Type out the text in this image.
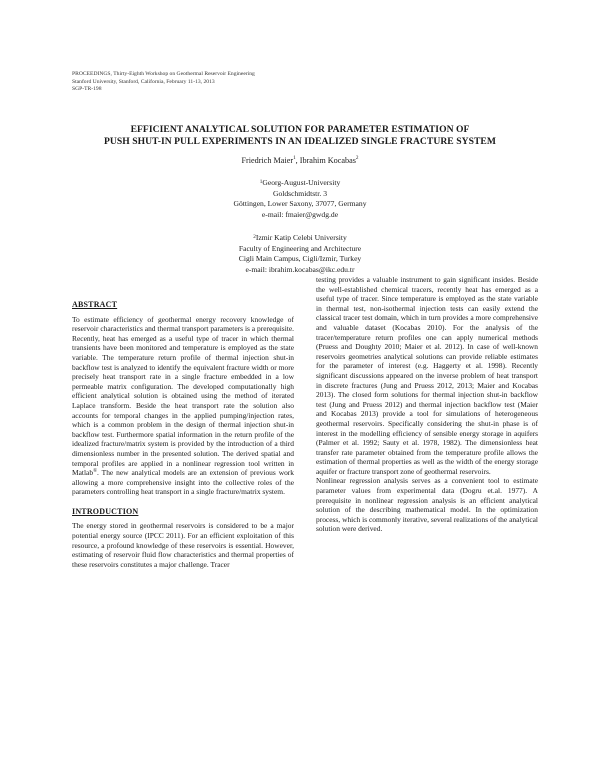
PROCEEDINGS, Thirty-Eighth Workshop on Geothermal Reservoir Engineering
Stanford University, Stanford, California, February 11-13, 2013
SGP-TR-198
EFFICIENT ANALYTICAL SOLUTION FOR PARAMETER ESTIMATION OF
PUSH SHUT-IN PULL EXPERIMENTS IN AN IDEALIZED SINGLE FRACTURE SYSTEM
Friedrich Maier$^1$, Ibrahim Kocabas$^2$
$^1$Georg-August-University
Goldschmidtstr. 3
Göttingen, Lower Saxony, 37077, Germany
e-mail: fmaier@gwdg.de
$^2$Izmir Katip Celebi University
Faculty of Engineering and Architecture
Cigli Main Campus, Cigli/Izmir, Turkey
e-mail: ibrahim.kocabas@ikc.edu.tr
ABSTRACT

To estimate efficiency of geothermal energy recovery knowledge of reservoir characteristics and thermal transport parameters is a prerequisite. Recently, heat has emerged as a useful type of tracer in which thermal transients have been monitored and temperature is employed as the state variable. The temperature return profile of thermal injection shut-in backflow test is analyzed to identify the equivalent fracture width or more precisely heat transport rate in a single fracture embedded in a low permeable matrix configuration. The developed computationally high efficient analytical solution is obtained using the method of iterated Laplace transform. Beside the heat transport rate the solution also accounts for temporal changes in the applied pumping/injection rates, which is a common problem in the design of thermal injection shut-in backflow test. Furthermore spatial information in the return profile of the idealized fracture/matrix system is provided by the introduction of a third dimensionless number in the presented solution. The derived spatial and temporal profiles are applied in a nonlinear regression tool written in Matlab®. The new analytical models are an extension of previous work allowing a more comprehensive insight into the collective roles of the parameters controlling heat transport in a single fracture/matrix system.

INTRODUCTION

The energy stored in geothermal reservoirs is considered to be a major potential energy source (IPCC 2011). For an efficient exploitation of this resource, a profound knowledge of these reservoirs is essential. However, estimating of reservoir fluid flow characteristics and thermal properties of these reservoirs constitutes a major challenge. Tracer

testing provides a valuable instrument to gain significant insides. Beside the well-established chemical tracers, recently heat has emerged as a useful type of tracer. Since temperature is employed as the state variable in thermal test, non-isothermal injection tests can easily extend the classical tracer test domain, which in turn provides a more comprehensive and valuable dataset (Kocabas 2010). For the analysis of the tracer/temperature return profiles one can apply numerical methods (Pruess and Doughty 2010; Maier et al. 2012). In case of well-known reservoirs geometries analytical solutions can provide reliable estimates for the parameter of interest (e.g. Haggerty et al. 1998). Recently significant discussions appeared on the inverse problem of heat transport in discrete fractures (Jung and Pruess 2012, 2013; Maier and Kocabas 2013). The closed form solutions for thermal injection shut-in backflow test (Jung and Pruess 2012) and thermal injection backflow test (Maier and Kocabas 2013) provide a tool for simulations of heterogeneous geothermal reservoirs. Specifically considering the shut-in phase is of interest in the modelling efficiency of sensible energy storage in aquifers (Palmer et al. 1992; Sauty et al. 1978, 1982). The dimensionless heat transfer rate parameter obtained from the temperature profile allows the estimation of thermal properties as well as the width of the energy storage aquifer or fracture transport zone of geothermal reservoirs.

Nonlinear regression analysis serves as a convenient tool to estimate parameter values from experimental data (Dogru et.al. 1977). A prerequisite in nonlinear regression analysis is an efficient analytical solution of the describing mathematical model. In the optimization process, which is commonly iterative, several realizations of the analytical solution were derived.
